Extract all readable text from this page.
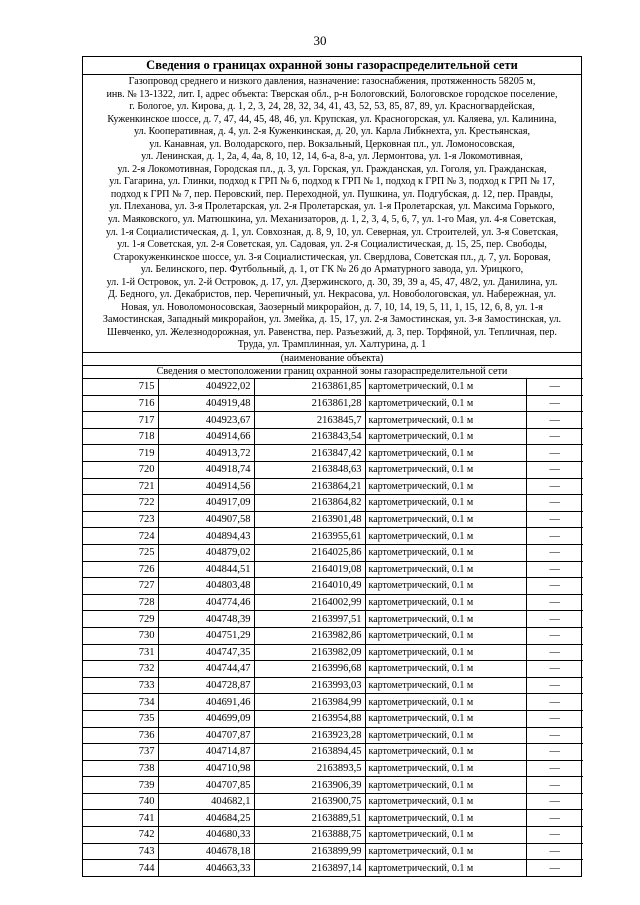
30
Сведения о границах охранной зоны газораспределительной сети
Газопровод среднего и низкого давления, назначение: газоснабжения, протяженность 58205 м,
инв. № 13-1322, лит. I, адрес объекта: Тверская обл., р-н Бологовский, Бологовское городское поселение,
г. Бологое, ул. Кирова, д. 1, 2, 3, 24, 28, 32, 34, 41, 43, 52, 53, 85, 87, 89, ул. Красногвардейская,
Куженкинское шоссе, д. 7, 47, 44, 45, 48, 46, ул. Крупская, ул. Красногорская, ул. Каляева, ул. Калинина,
ул. Кооперативная, д. 4, ул. 2-я Куженкинская, д. 20, ул. Карла Либкнехта, ул. Крестьянская,
ул. Канавная, ул. Володарского, пер. Вокзальный, Церковная пл., ул. Ломоносовская,
ул. Ленинская, д. 1, 2а, 4, 4а, 8, 10, 12, 14, 6-а, 8-а, ул. Лермонтова, ул. 1-я Локомотивная,
ул. 2-я Локомотивная, Городская пл., д. 3, ул. Горская, ул. Гражданская, ул. Гоголя, ул. Гражданская,
ул. Гагарина, ул. Глинки, подход к ГРП № 6, подход к ГРП № 1, подход к ГРП № 3, подход к ГРП № 17,
подход к ГРП № 7, пер. Перовский, пер. Переходной, ул. Пушкина, ул. Подгубская, д. 12, пер. Правды,
ул. Плеханова, ул. 3-я Пролетарская, ул. 2-я Пролетарская, ул. 1-я Пролетарская, ул. Максима Горького,
ул. Маяковского, ул. Матюшкина, ул. Механизаторов, д. 1, 2, 3, 4, 5, 6, 7, ул. 1-го Мая, ул. 4-я Советская,
ул. 1-я Социалистическая, д. 1, ул. Совхозная, д. 8, 9, 10, ул. Северная, ул. Строителей, ул. 3-я Советская,
ул. 1-я Советская, ул. 2-я Советская, ул. Садовая, ул. 2-я Социалистическая, д. 15, 25, пер. Свободы,
Старокуженкинское шоссе, ул. 3-я Социалистическая, ул. Свердлова, Советская пл., д. 7, ул. Боровая,
ул. Белинского, пер. Футбольный, д. 1, от ГК № 26 до Арматурного завода, ул. Урицкого,
ул. 1-й Островок, ул. 2-й Островок, д. 17, ул. Дзержинского, д. 30, 39, 39 а, 45, 47, 48/2, ул. Данилина, ул.
Д. Бедного, ул. Декабристов, пер. Черепичный, ул. Некрасова, ул. Новобологовская, ул. Набережная, ул.
Новая, ул. Новоломоносовская, Заозерный микрорайон, д. 7, 10, 14, 19, 5, 11, 1, 15, 12, 6, 8, ул. 1-я
Замостинская, Западный микрорайон, ул. Змейка, д. 15, 17, ул. 2-я Замостинская, ул. 3-я Замостинская, ул.
Шевченко, ул. Железнодорожная, ул. Равенства, пер. Разъезжий, д. 3, пер. Торфяной, ул. Тепличная, пер.
Труда, ул. Трамплинная, ул. Халтурина, д. 1
(наименование объекта)
Сведения о местоположении границ охранной зоны газораспределительной сети
715	404922,02	2163861,85	картометрический, 0.1 м	—
716	404919,48	2163861,28	картометрический, 0.1 м	—
717	404923,67	2163845,7	картометрический, 0.1 м	—
718	404914,66	2163843,54	картометрический, 0.1 м	—
719	404913,72	2163847,42	картометрический, 0.1 м	—
720	404918,74	2163848,63	картометрический, 0.1 м	—
721	404914,56	2163864,21	картометрический, 0.1 м	—
722	404917,09	2163864,82	картометрический, 0.1 м	—
723	404907,58	2163901,48	картометрический, 0.1 м	—
724	404894,43	2163955,61	картометрический, 0.1 м	—
725	404879,02	2164025,86	картометрический, 0.1 м	—
726	404844,51	2164019,08	картометрический, 0.1 м	—
727	404803,48	2164010,49	картометрический, 0.1 м	—
728	404774,46	2164002,99	картометрический, 0.1 м	—
729	404748,39	2163997,51	картометрический, 0.1 м	—
730	404751,29	2163982,86	картометрический, 0.1 м	—
731	404747,35	2163982,09	картометрический, 0.1 м	—
732	404744,47	2163996,68	картометрический, 0.1 м	—
733	404728,87	2163993,03	картометрический, 0.1 м	—
734	404691,46	2163984,99	картометрический, 0.1 м	—
735	404699,09	2163954,88	картометрический, 0.1 м	—
736	404707,87	2163923,28	картометрический, 0.1 м	—
737	404714,87	2163894,45	картометрический, 0.1 м	—
738	404710,98	2163893,5	картометрический, 0.1 м	—
739	404707,85	2163906,39	картометрический, 0.1 м	—
740	404682,1	2163900,75	картометрический, 0.1 м	—
741	404684,25	2163889,51	картометрический, 0.1 м	—
742	404680,33	2163888,75	картометрический, 0.1 м	—
743	404678,18	2163899,99	картометрический, 0.1 м	—
744	404663,33	2163897,14	картометрический, 0.1 м	—
